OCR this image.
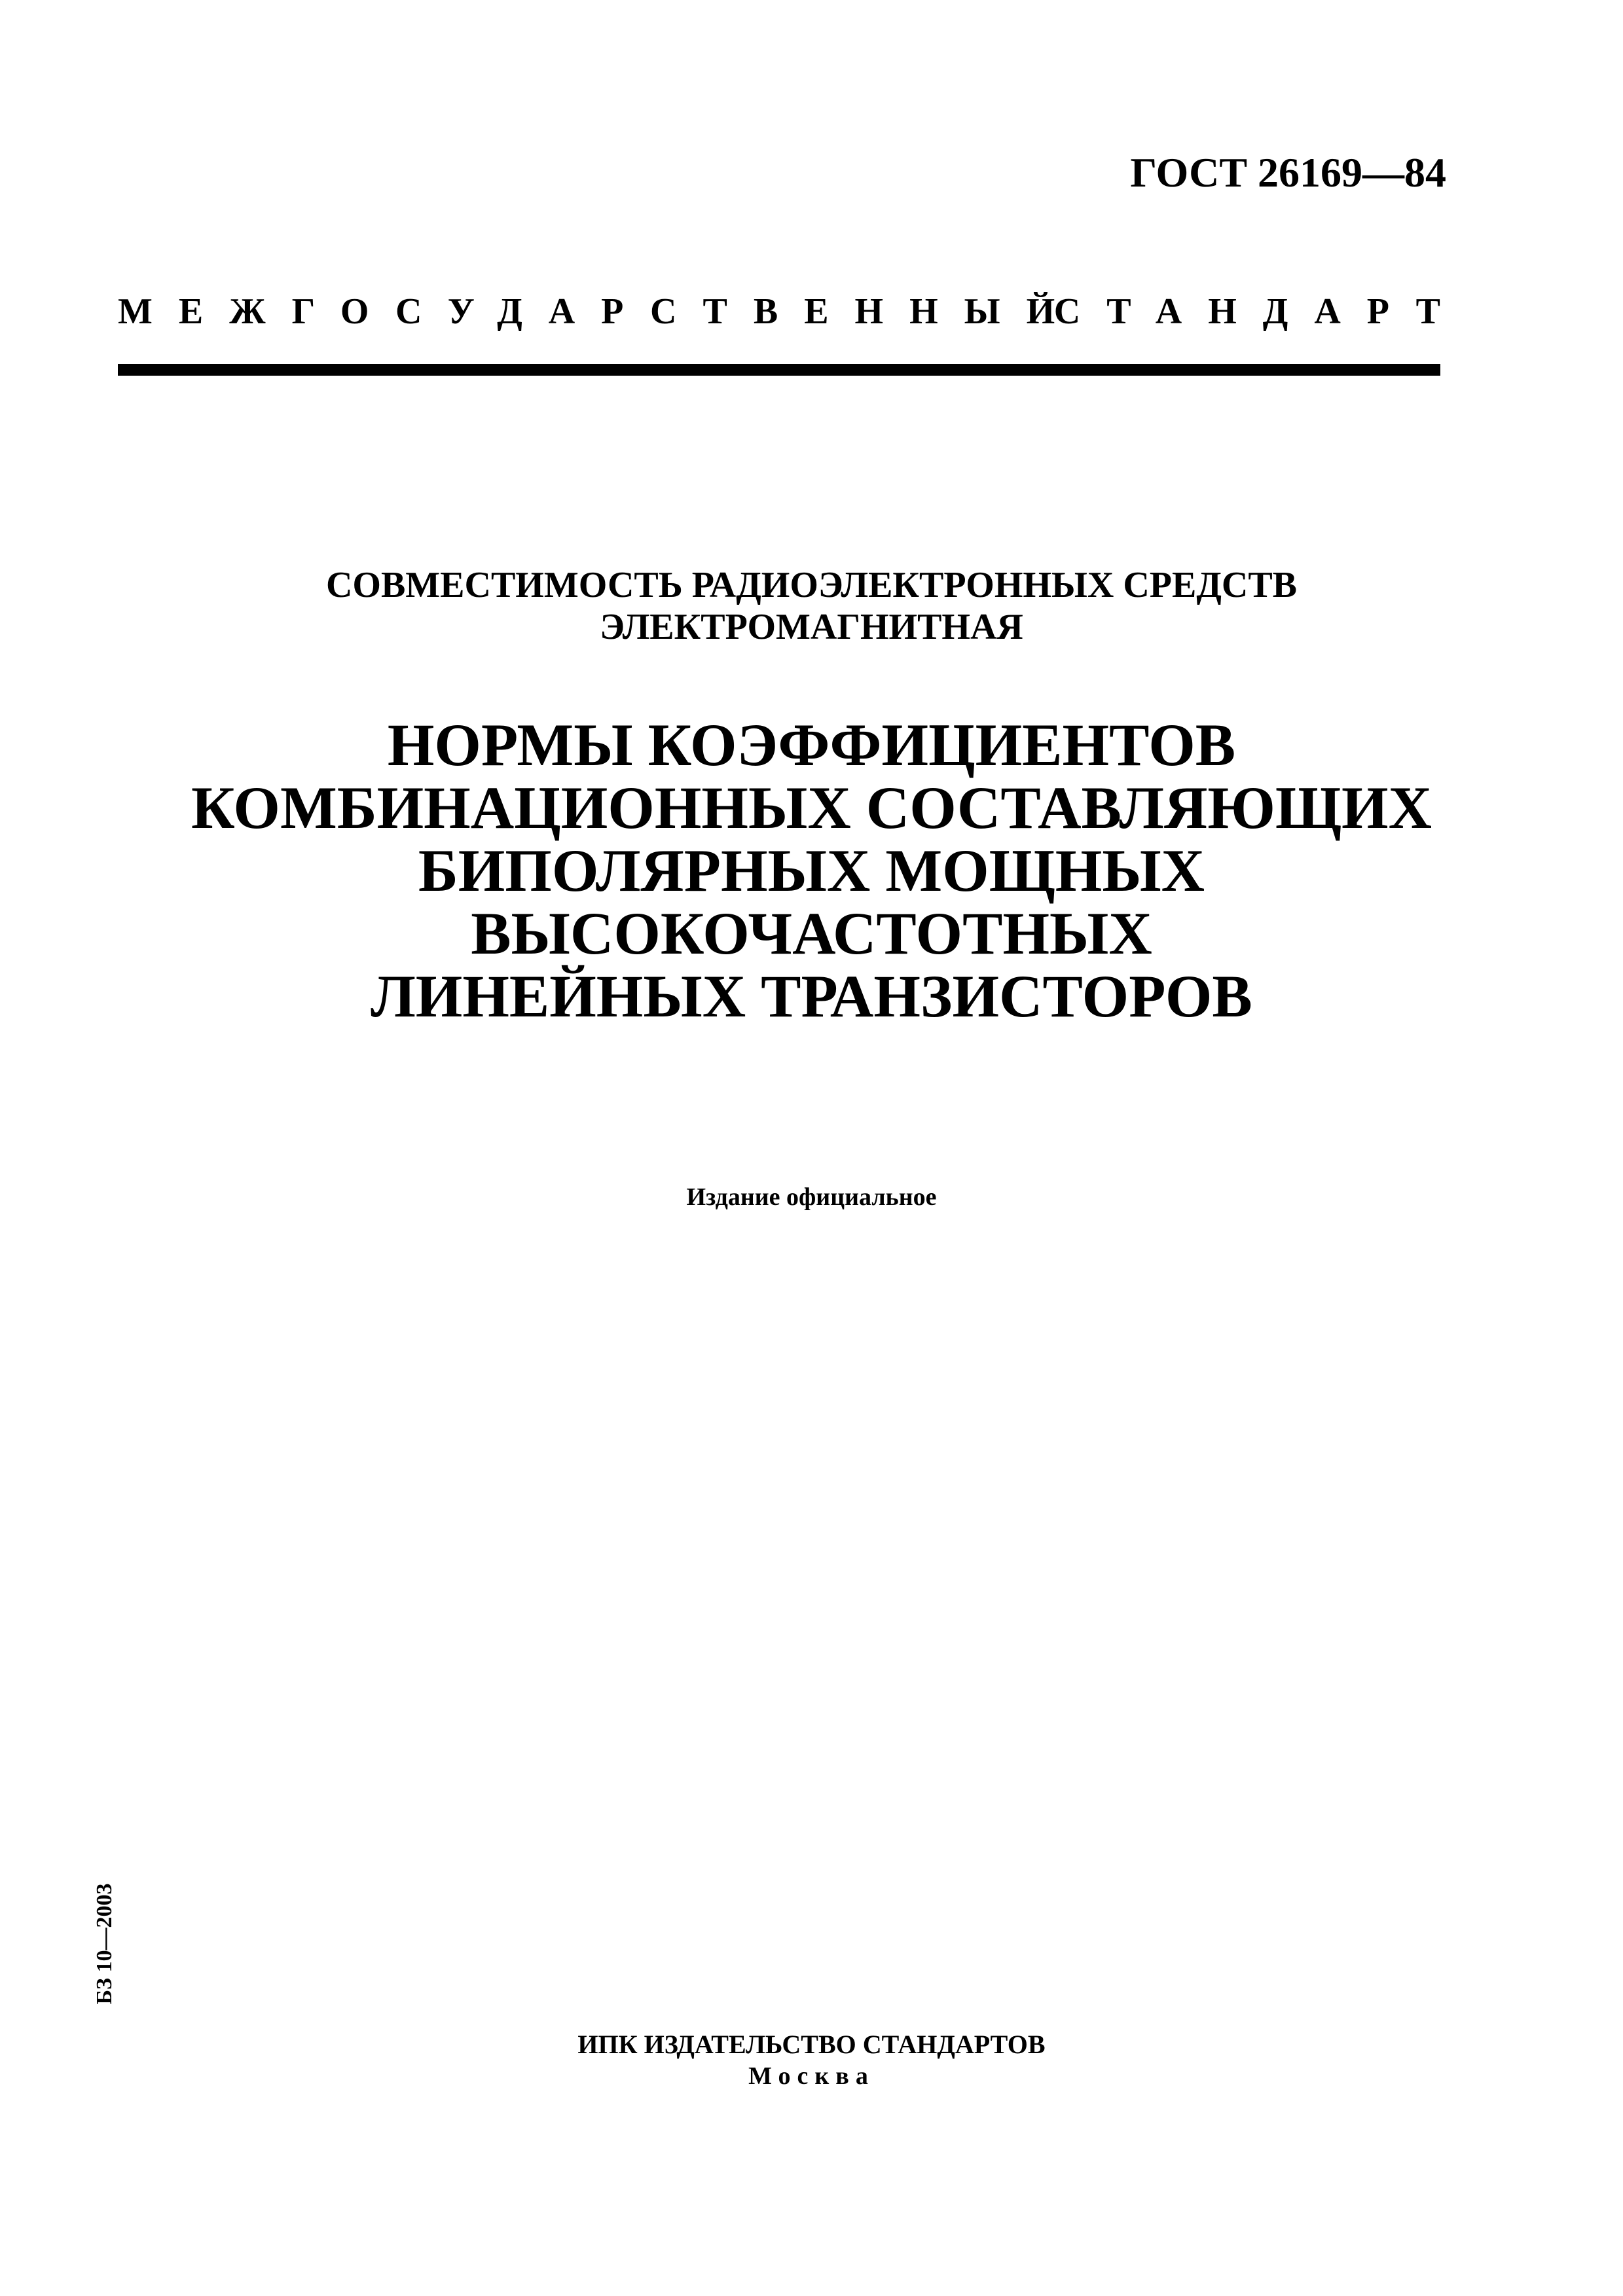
ГОСТ 26169—84
МЕЖГОСУДАРСТВЕННЫЙ
СТАНДАРТ
СОВМЕСТИМОСТЬ РАДИОЭЛЕКТРОННЫХ СРЕДСТВ
ЭЛЕКТРОМАГНИТНАЯ
НОРМЫ КОЭФФИЦИЕНТОВ
КОМБИНАЦИОННЫХ СОСТАВЛЯЮЩИХ
БИПОЛЯРНЫХ МОЩНЫХ
ВЫСОКОЧАСТОТНЫХ
ЛИНЕЙНЫХ ТРАНЗИСТОРОВ
Издание официальное
БЗ 10—2003
ИПК ИЗДАТЕЛЬСТВО СТАНДАРТОВ
Москва
